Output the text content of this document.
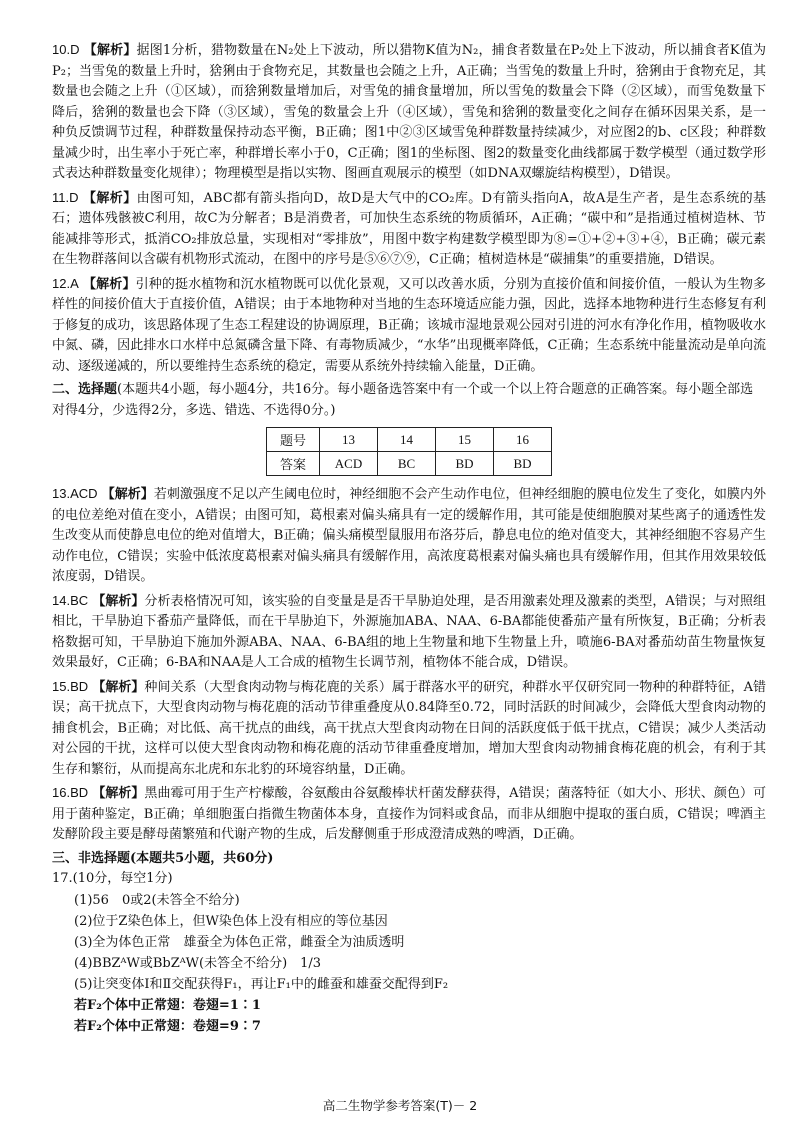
10.D 【解析】据图1分析，猎物数量在N₂处上下波动，所以猎物K值为N₂，捕食者数量在P₂处上下波动，所以捕食者K值为P₂；当雪兔的数量上升时，猞猁由于食物充足，其数量也会随之上升，A正确；当雪兔的数量上升时，猞猁由于食物充足，其数量也会随之上升（①区域），而猞猁数量增加后，对雪兔的捕食量增加，所以雪兔的数量会下降（②区域），而雪兔数量下降后，猞猁的数量也会下降（③区域），雪兔的数量会上升（④区域），雪兔和猞猁的数量变化之间存在循环因果关系，是一种负反馈调节过程，种群数量保持动态平衡，B正确；图1中②③区域雪兔种群数量持续减少，对应图2的b、c区段；种群数量减少时，出生率小于死亡率，种群增长率小于0，C正确；图1的坐标图、图2的数量变化曲线都属于数学模型（通过数学形式表达种群数量变化规律）；物理模型是指以实物、图画直观展示的模型（如DNA双螺旋结构模型），D错误。

11.D 【解析】由图可知，ABC都有箭头指向D，故D是大气中的CO₂库。D有箭头指向A，故A是生产者，是生态系统的基石；遗体残骸被C利用，故C为分解者；B是消费者，可加快生态系统的物质循环，A正确；“碳中和”是指通过植树造林、节能减排等形式，抵消CO₂排放总量，实现相对“零排放”，用图中数字构建数学模型即为⑧=①+②+③+④，B正确；碳元素在生物群落间以含碳有机物形式流动，在图中的序号是⑤⑥⑦⑨，C正确；植树造林是“碳捕集”的重要措施，D错误。

12.A 【解析】引种的挺水植物和沉水植物既可以优化景观，又可以改善水质，分别为直接价值和间接价值，一般认为生物多样性的间接价值大于直接价值，A错误；由于本地物种对当地的生态环境适应能力强，因此，选择本地物种进行生态修复有利于修复的成功，该思路体现了生态工程建设的协调原理，B正确；该城市湿地景观公园对引进的河水有净化作用，植物吸收水中氮、磷，因此排水口水样中总氮磷含量下降、有毒物质减少，“水华”出现概率降低，C正确；生态系统中能量流动是单向流动、逐级递减的，所以要维持生态系统的稳定，需要从系统外持续输入能量，D正确。

二、选择题(本题共4小题，每小题4分，共16分。每小题备选答案中有一个或一个以上符合题意的正确答案。每小题全部选对得4分，少选得2分，多选、错选、不选得0分。)

题号	13	14	15	16
答案	ACD	BC	BD	BD

13.ACD 【解析】若刺激强度不足以产生阈电位时，神经细胞不会产生动作电位，但神经细胞的膜电位发生了变化，如膜内外的电位差绝对值在变小，A错误；由图可知，葛根素对偏头痛具有一定的缓解作用，其可能是使细胞膜对某些离子的通透性发生改变从而使静息电位的绝对值增大，B正确；偏头痛模型鼠服用布洛芬后，静息电位的绝对值变大，其神经细胞不容易产生动作电位，C错误；实验中低浓度葛根素对偏头痛具有缓解作用，高浓度葛根素对偏头痛也具有缓解作用，但其作用效果较低浓度弱，D错误。

14.BC 【解析】分析表格情况可知，该实验的自变量是是否干旱胁迫处理，是否用激素处理及激素的类型，A错误；与对照组相比，干旱胁迫下番茄产量降低，而在干旱胁迫下，外源施加ABA、NAA、6-BA都能使番茄产量有所恢复，B正确；分析表格数据可知，干旱胁迫下施加外源ABA、NAA、6-BA组的地上生物量和地下生物量上升，喷施6-BA对番茄幼苗生物量恢复效果最好，C正确；6-BA和NAA是人工合成的植物生长调节剂，植物体不能合成，D错误。

15.BD 【解析】种间关系（大型食肉动物与梅花鹿的关系）属于群落水平的研究，种群水平仅研究同一物种的种群特征，A错误；高干扰点下，大型食肉动物与梅花鹿的活动节律重叠度从0.84降至0.72，同时活跃的时间减少，会降低大型食肉动物的捕食机会，B正确；对比低、高干扰点的曲线，高干扰点大型食肉动物在日间的活跃度低于低干扰点，C错误；减少人类活动对公园的干扰，这样可以使大型食肉动物和梅花鹿的活动节律重叠度增加，增加大型食肉动物捕食梅花鹿的机会，有利于其生存和繁衍，从而提高东北虎和东北豹的环境容纳量，D正确。

16.BD 【解析】黑曲霉可用于生产柠檬酸，谷氨酸由谷氨酸棒状杆菌发酵获得，A错误；菌落特征（如大小、形状、颜色）可用于菌种鉴定，B正确；单细胞蛋白指微生物菌体本身，直接作为饲料或食品，而非从细胞中提取的蛋白质，C错误；啤酒主发酵阶段主要是酵母菌繁殖和代谢产物的生成，后发酵侧重于形成澄清成熟的啤酒，D正确。

三、非选择题(本题共5小题，共60分)

17.(10分，每空1分)

(1)56　0或2(未答全不给分)

(2)位于Z染色体上，但W染色体上没有相应的等位基因

(3)全为体色正常　雄蚕全为体色正常，雌蚕全为油质透明

(4)BBZᴬW或BbZᴬW(未答全不给分)　1/3

(5)让突变体Ⅰ和Ⅱ交配获得F₁，再让F₁中的雌蚕和雄蚕交配得到F₂

若F₂个体中正常翅：卷翅=1∶1

若F₂个体中正常翅：卷翅=9∶7

高二生物学参考答案(T)－ 2
